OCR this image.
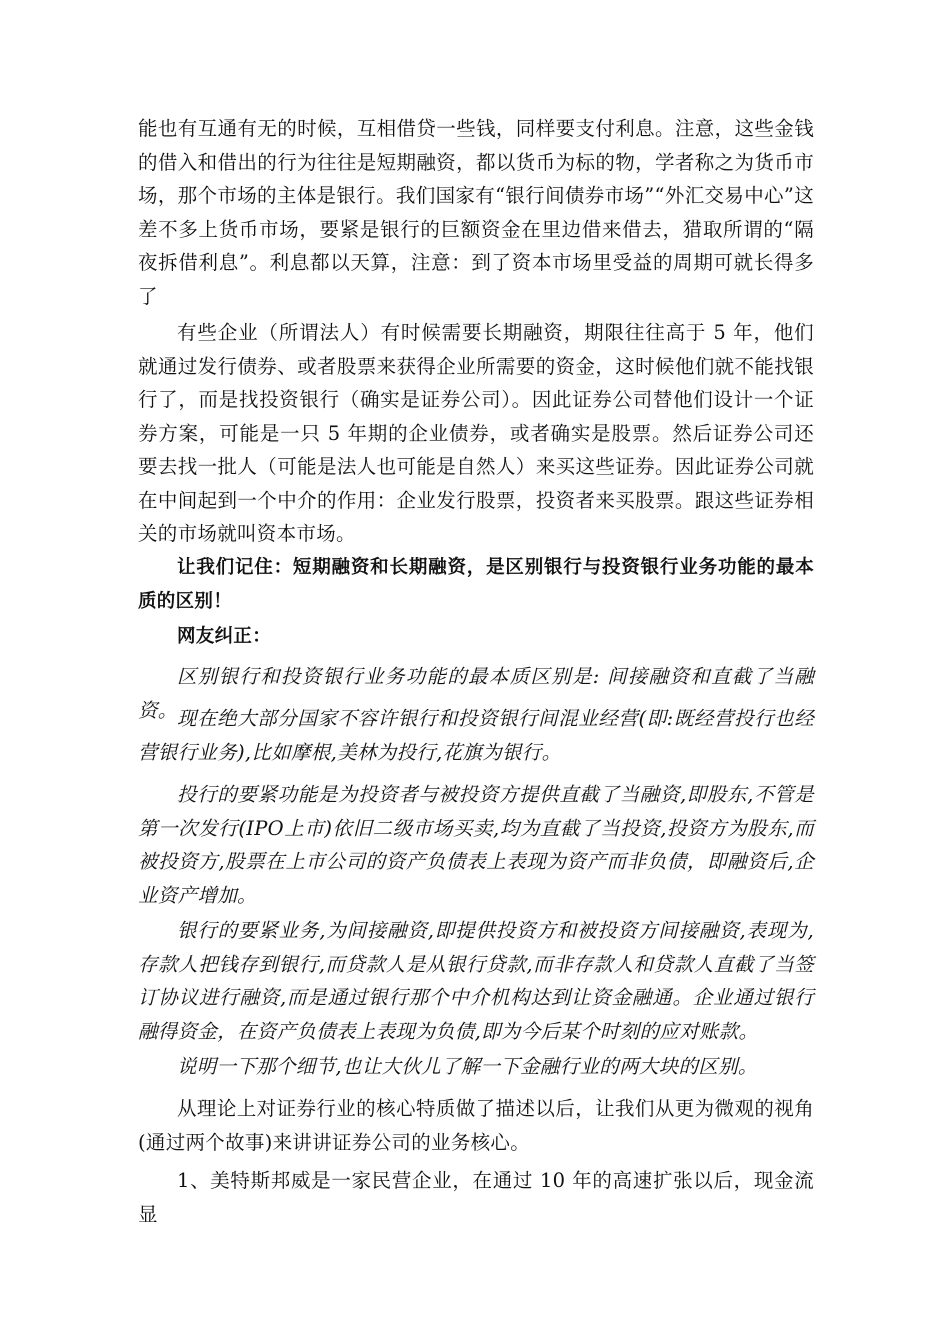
能也有互通有无的时候，互相借贷一些钱，同样要支付利息。注意，这些金钱的借入和借出的行为往往是短期融资，都以货币为标的物，学者称之为货币市场，那个市场的主体是银行。我们国家有“银行间债券市场”“外汇交易中心”这差不多上货币市场，要紧是银行的巨额资金在里边借来借去，猎取所谓的“隔夜拆借利息”。利息都以天算，注意：到了资本市场里受益的周期可就长得多了

有些企业（所谓法人）有时候需要长期融资，期限往往高于 5 年，他们就通过发行债券、或者股票来获得企业所需要的资金，这时候他们就不能找银行了，而是找投资银行（确实是证券公司）。因此证券公司替他们设计一个证券方案，可能是一只 5 年期的企业债券，或者确实是股票。然后证券公司还要去找一批人（可能是法人也可能是自然人）来买这些证券。因此证券公司就在中间起到一个中介的作用：企业发行股票，投资者来买股票。跟这些证券相关的市场就叫资本市场。

让我们记住：短期融资和长期融资，是区别银行与投资银行业务功能的最本质的区别！

网友纠正：

区别银行和投资银行业务功能的最本质区别是: 间接融资和直截了当融资。 现在绝大部分国家不容许银行和投资银行间混业经营(即:既经营投行也经营银行业务),比如摩根,美林为投行,花旗为银行。

投行的要紧功能是为投资者与被投资方提供直截了当融资,即股东,不管是第一次发行(IPO上市)依旧二级市场买卖,均为直截了当投资,投资方为股东,而被投资方,股票在上市公司的资产负债表上表现为资产而非负债，即融资后,企业资产增加。

银行的要紧业务,为间接融资,即提供投资方和被投资方间接融资,表现为,存款人把钱存到银行,而贷款人是从银行贷款,而非存款人和贷款人直截了当签订协议进行融资,而是通过银行那个中介机构达到让资金融通。企业通过银行融得资金，在资产负债表上表现为负债,即为今后某个时刻的应对账款。

说明一下那个细节,也让大伙儿了解一下金融行业的两大块的区别。

从理论上对证券行业的核心特质做了描述以后，让我们从更为微观的视角(通过两个故事)来讲讲证券公司的业务核心。

1、美特斯邦威是一家民营企业，在通过 10 年的高速扩张以后，现金流显
